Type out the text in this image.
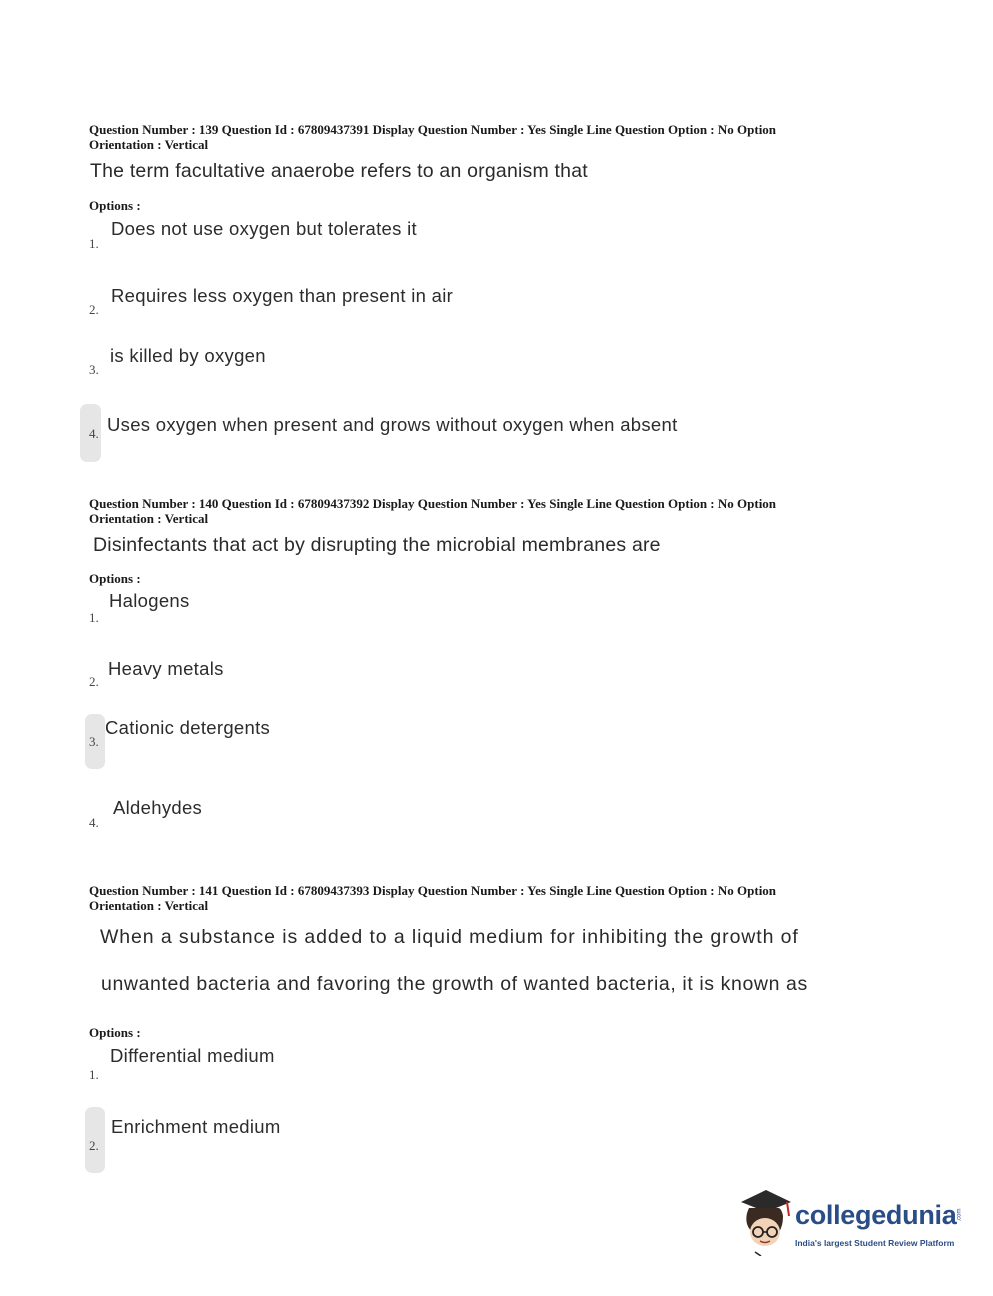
Question Number : 139 Question Id : 67809437391 Display Question Number : Yes Single Line Question Option : No Option
Orientation : Vertical
The term facultative anaerobe refers to an organism that
Options :
1.
Does not use oxygen but tolerates it
2.
Requires less oxygen than present in air
3.
is killed by oxygen
4. Uses oxygen when present and grows without oxygen when absent
Question Number : 140 Question Id : 67809437392 Display Question Number : Yes Single Line Question Option : No Option
Orientation : Vertical
Disinfectants that act by disrupting the microbial membranes are
Options :
1.
Halogens
2.
Heavy metals
3.
Cationic detergents
4.
Aldehydes
Question Number : 141 Question Id : 67809437393 Display Question Number : Yes Single Line Question Option : No Option
Orientation : Vertical
When a substance is added to a liquid medium for inhibiting the growth of
unwanted bacteria and favoring the growth of wanted bacteria, it is known as
Options :
1.
Differential medium
2.
Enrichment medium
collegedunia .com
India's largest Student Review Platform
